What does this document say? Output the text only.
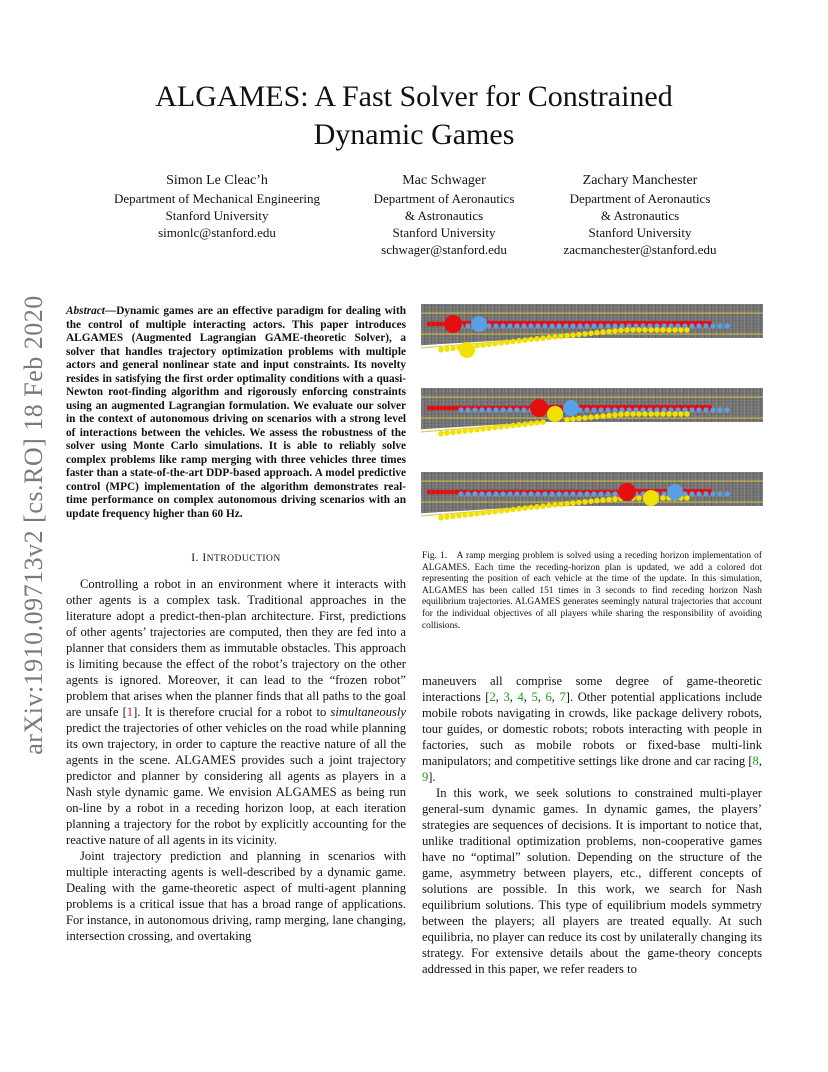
ALGAMES: A Fast Solver for Constrained
Dynamic Games
Simon Le Cleac’h
Department of Mechanical Engineering
Stanford University
simonlc@stanford.edu
Mac Schwager
Department of Aeronautics
& Astronautics
Stanford University
schwager@stanford.edu
Zachary Manchester
Department of Aeronautics
& Astronautics
Stanford University
zacmanchester@stanford.edu
arXiv:1910.09713v2 [cs.RO] 18 Feb 2020 Abstract—Dynamic games are an effective paradigm for dealing with the control of multiple interacting actors. This paper introduces ALGAMES (Augmented Lagrangian GAME-theoretic Solver), a solver that handles trajectory optimization problems with multiple actors and general nonlinear state and input constraints. Its novelty resides in satisfying the first order optimality conditions with a quasi-Newton root-finding algorithm and rigorously enforcing constraints using an augmented Lagrangian formulation. We evaluate our solver in the context of autonomous driving on scenarios with a strong level of interactions between the vehicles. We assess the robustness of the solver using Monte Carlo simulations. It is able to reliably solve complex problems like ramp merging with three vehicles three times faster than a state-of-the-art DDP-based approach. A model predictive control (MPC) implementation of the algorithm demonstrates real-time performance on complex autonomous driving scenarios with an update frequency higher than 60 Hz.
I. INTRODUCTION

Controlling a robot in an environment where it interacts with other agents is a complex task. Traditional approaches in the literature adopt a predict-then-plan architecture. First, predictions of other agents’ trajectories are computed, then they are fed into a planner that considers them as immutable obstacles. This approach is limiting because the effect of the robot’s trajectory on the other agents is ignored. Moreover, it can lead to the “frozen robot” problem that arises when the planner finds that all paths to the goal are unsafe [1]. It is therefore crucial for a robot to simultaneously predict the trajectories of other vehicles on the road while planning its own trajectory, in order to capture the reactive nature of all the agents in the scene. ALGAMES provides such a joint trajectory predictor and planner by considering all agents as players in a Nash style dynamic game. We envision ALGAMES as being run on-line by a robot in a receding horizon loop, at each iteration planning a trajectory for the robot by explicitly accounting for the reactive nature of all agents in its vicinity.

Joint trajectory prediction and planning in scenarios with multiple interacting agents is well-described by a dynamic game. Dealing with the game-theoretic aspect of multi-agent planning problems is a critical issue that has a broad range of applications. For instance, in autonomous driving, ramp merging, lane changing, intersection crossing, and overtaking

Fig. 1. A ramp merging problem is solved using a receding horizon implementation of ALGAMES. Each time the receding-horizon plan is updated, we add a colored dot representing the position of each vehicle at the time of the update. In this simulation, ALGAMES has been called 151 times in 3 seconds to find receding horizon Nash equilibrium trajectories. ALGAMES generates seemingly natural trajectories that account for the individual objectives of all players while sharing the responsibility of avoiding collisions.

maneuvers all comprise some degree of game-theoretic interactions [2, 3, 4, 5, 6, 7]. Other potential applications include mobile robots navigating in crowds, like package delivery robots, tour guides, or domestic robots; robots interacting with people in factories, such as mobile robots or fixed-base multi-link manipulators; and competitive settings like drone and car racing [8, 9].

In this work, we seek solutions to constrained multi-player general-sum dynamic games. In dynamic games, the players’ strategies are sequences of decisions. It is important to notice that, unlike traditional optimization problems, non-cooperative games have no “optimal” solution. Depending on the structure of the game, asymmetry between players, etc., different concepts of solutions are possible. In this work, we search for Nash equilibrium solutions. This type of equilibrium models symmetry between the players; all players are treated equally. At such equilibria, no player can reduce its cost by unilaterally changing its strategy. For extensive details about the game-theory concepts addressed in this paper, we refer readers to
